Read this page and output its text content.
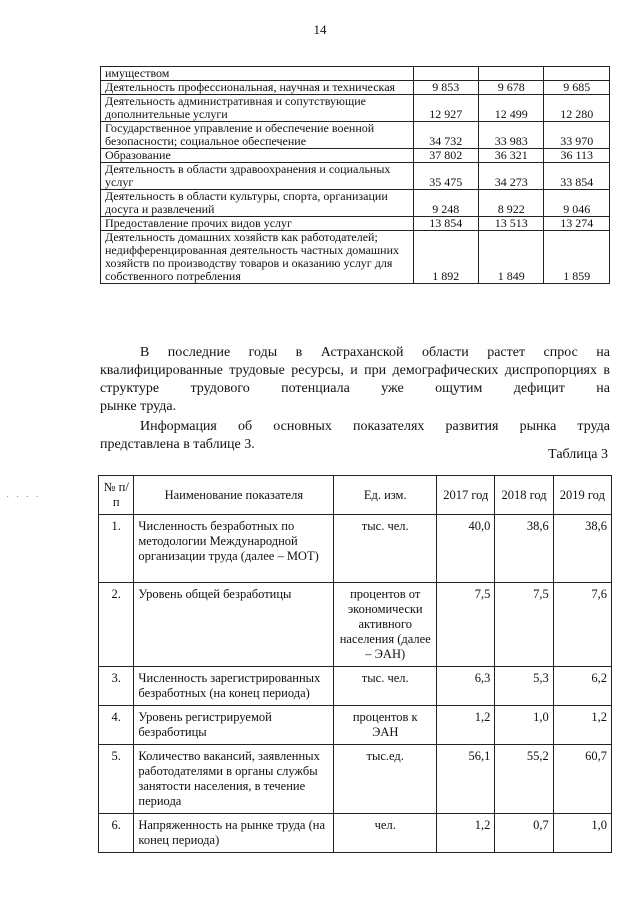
14
имуществом			
Деятельность профессиональная, научная и техническая	9 853	9 678	9 685
Деятельность административная и сопутствующие дополнительные услуги	12 927	12 499	12 280
Государственное управление и обеспечение военной безопасности; социальное обеспечение	34 732	33 983	33 970
Образование	37 802	36 321	36 113
Деятельность в области здравоохранения и социальных услуг	35 475	34 273	33 854
Деятельность в области культуры, спорта, организации досуга и развлечений	9 248	8 922	9 046
Предоставление прочих видов услуг	13 854	13 513	13 274
Деятельность домашних хозяйств как работодателей; недифференцированная деятельность частных домашних хозяйств по производству товаров и оказанию услуг для собственного потребления	1 892	1 849	1 859
В последние годы в Астраханской области растет спрос на квалифицированные трудовые ресурсы, и при демографических диспропорциях в структуре трудового потенциала уже ощутим дефицит на
рынке труда.
Информация об основных показателях развития рынка труда
представлена в таблице 3.
Таблица 3
· · · ·
№ п/п	Наименование показателя	Ед. изм.	2017 год	2018 год	2019 год
1.	Численность безработных по методологии Международной организации труда (далее – МОТ)	тыс. чел.	40,0	38,6	38,6
2.	Уровень общей безработицы	процентов от экономически активного населения (далее – ЭАН)	7,5	7,5	7,6
3.	Численность зарегистрированных безработных (на конец периода)	тыс. чел.	6,3	5,3	6,2
4.	Уровень регистрируемой безработицы	процентов к ЭАН	1,2	1,0	1,2
5.	Количество вакансий, заявленных работодателями в органы службы занятости населения, в течение периода	тыс.ед.	56,1	55,2	60,7
6.	Напряженность на рынке труда (на конец периода)	чел.	1,2	0,7	1,0
